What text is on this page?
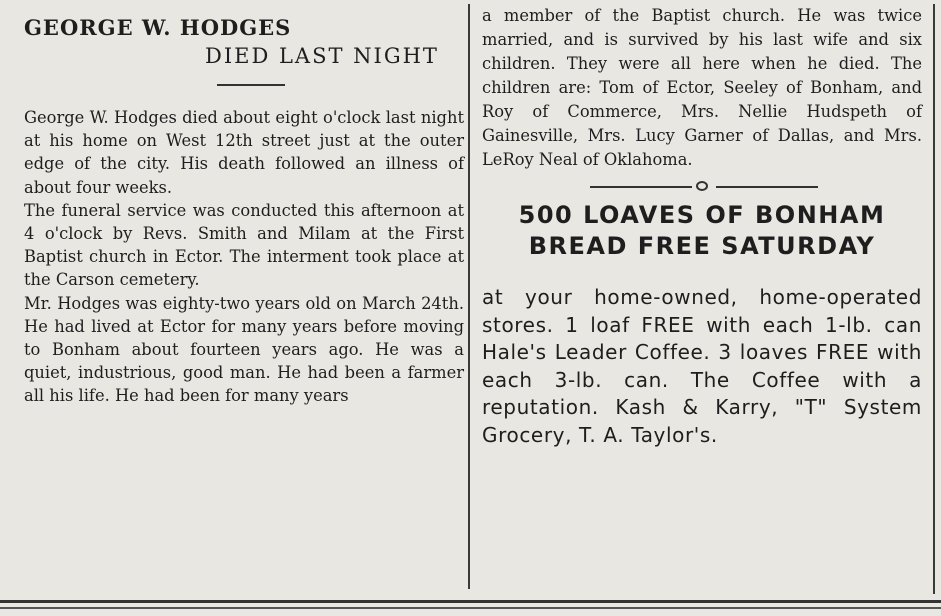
GEORGE W. HODGES
DIED LAST NIGHT

George W. Hodges died about eight o'clock last night at his home on West 12th street just at the outer edge of the city. His death followed an illness of about four weeks.

The funeral service was conducted this afternoon at 4 o'clock by Revs. Smith and Milam at the First Baptist church in Ector. The interment took place at the Carson cemetery.

Mr. Hodges was eighty-two years old on March 24th. He had lived at Ector for many years before moving to Bonham about fourteen years ago. He was a quiet, industrious, good man. He had been a farmer all his life. He had been for many years

a member of the Baptist church. He was twice married, and is survived by his last wife and six children. They were all here when he died. The children are: Tom of Ector, Seeley of Bonham, and Roy of Commerce, Mrs. Nellie Hudspeth of Gainesville, Mrs. Lucy Garner of Dallas, and Mrs. LeRoy Neal of Oklahoma.

500 LOAVES OF BONHAM
BREAD FREE SATURDAY

at your home-owned, home-operated stores. 1 loaf FREE with each 1-lb. can Hale's Leader Coffee. 3 loaves FREE with each 3-lb. can. The Coffee with a reputation. Kash & Karry, "T" System Grocery, T. A. Taylor's.
